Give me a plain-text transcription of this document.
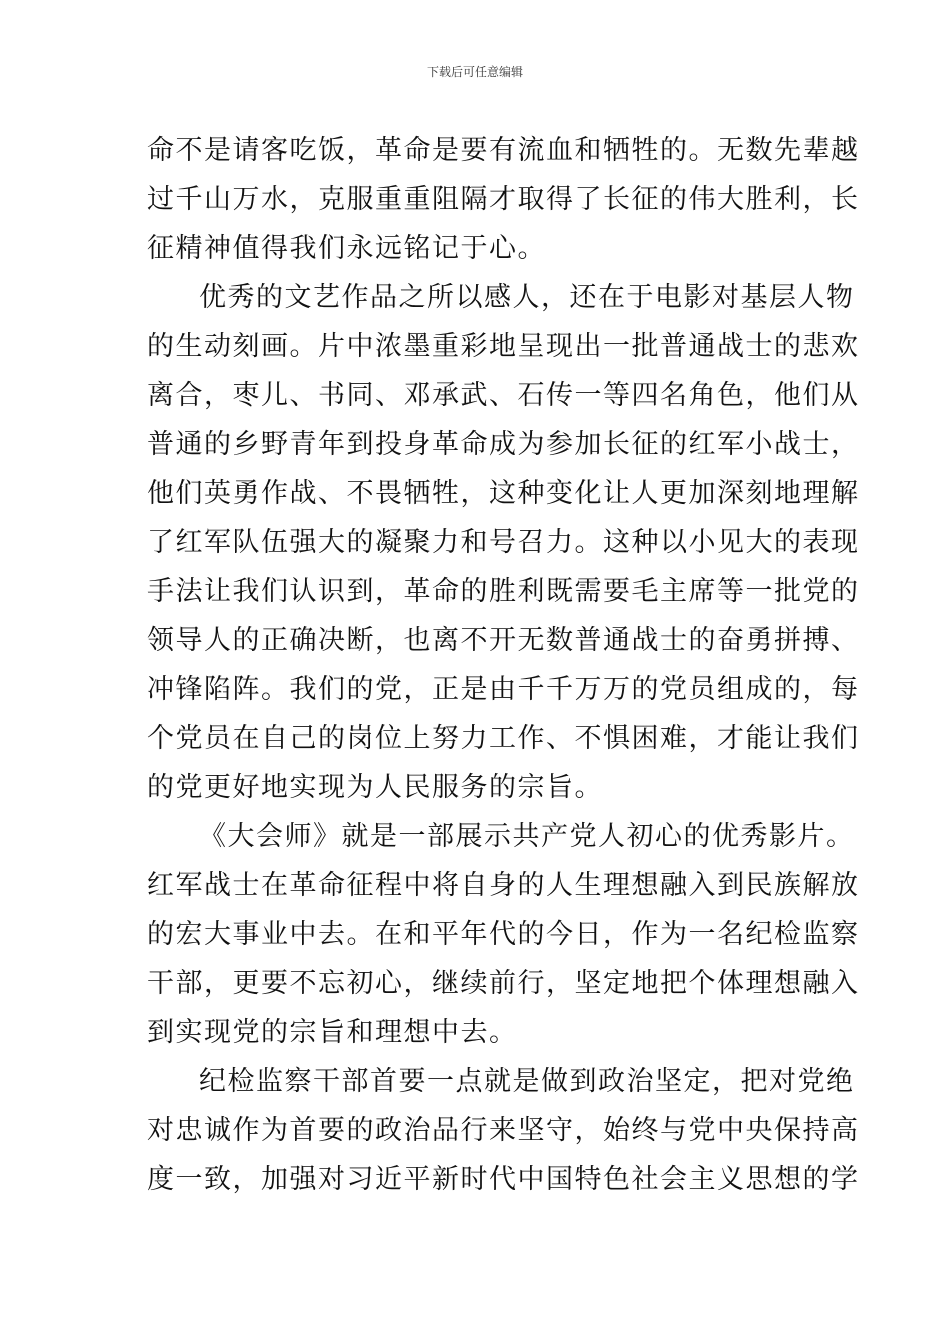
下载后可任意编辑
命不是请客吃饭，革命是要有流血和牺牲的。无数先辈越
过千山万水，克服重重阻隔才取得了长征的伟大胜利，长
征精神值得我们永远铭记于心。
优秀的文艺作品之所以感人，还在于电影对基层人物
的生动刻画。片中浓墨重彩地呈现出一批普通战士的悲欢
离合，枣儿、书同、邓承武、石传一等四名角色，他们从
普通的乡野青年到投身革命成为参加长征的红军小战士，
他们英勇作战、不畏牺牲，这种变化让人更加深刻地理解
了红军队伍强大的凝聚力和号召力。这种以小见大的表现
手法让我们认识到，革命的胜利既需要毛主席等一批党的
领导人的正确决断，也离不开无数普通战士的奋勇拼搏、
冲锋陷阵。我们的党，正是由千千万万的党员组成的，每
个党员在自己的岗位上努力工作、不惧困难，才能让我们
的党更好地实现为人民服务的宗旨。
《大会师》就是一部展示共产党人初心的优秀影片。
红军战士在革命征程中将自身的人生理想融入到民族解放
的宏大事业中去。在和平年代的今日，作为一名纪检监察
干部，更要不忘初心，继续前行，坚定地把个体理想融入
到实现党的宗旨和理想中去。
纪检监察干部首要一点就是做到政治坚定，把对党绝
对忠诚作为首要的政治品行来坚守，始终与党中央保持高
度一致，加强对习近平新时代中国特色社会主义思想的学
